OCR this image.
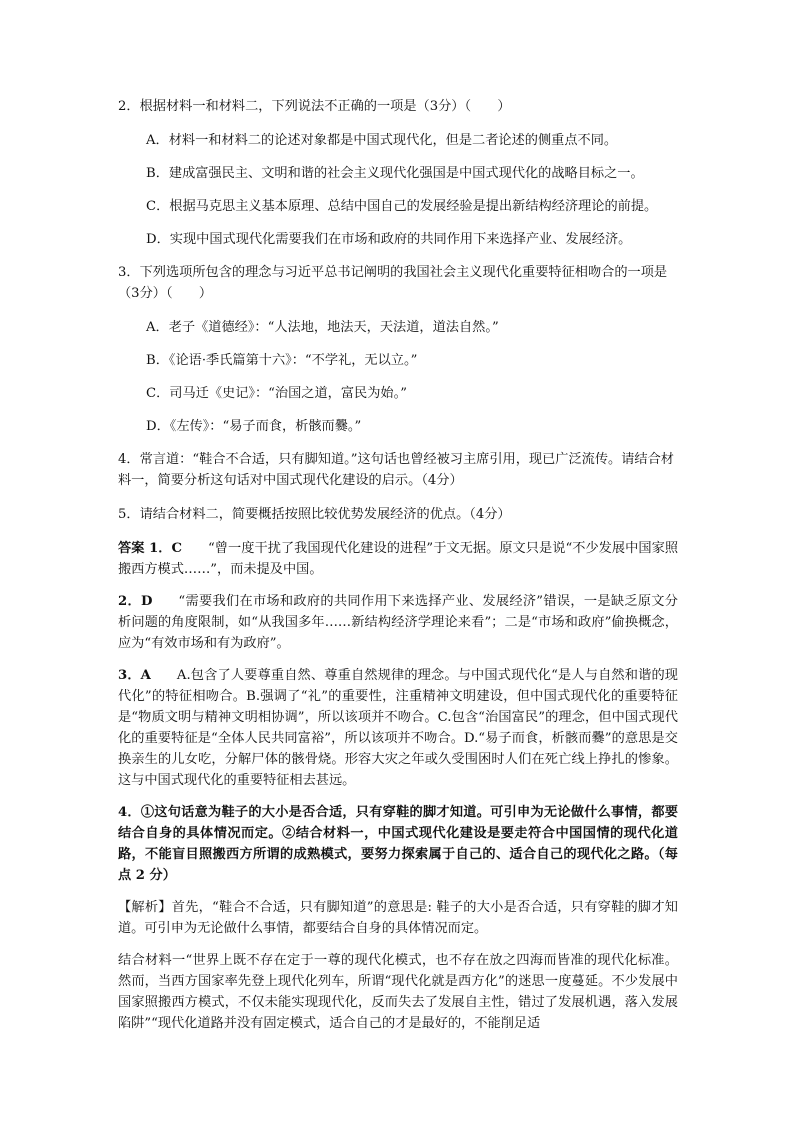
2．根据材料一和材料二，下列说法不正确的一项是（3分）（　　）

A．材料一和材料二的论述对象都是中国式现代化，但是二者论述的侧重点不同。

B．建成富强民主、文明和谐的社会主义现代化强国是中国式现代化的战略目标之一。

C．根据马克思主义基本原理、总结中国自己的发展经验是提出新结构经济理论的前提。

D．实现中国式现代化需要我们在市场和政府的共同作用下来选择产业、发展经济。

3．下列选项所包含的理念与习近平总书记阐明的我国社会主义现代化重要特征相吻合的一项是（3分）（　　）

A．老子《道德经》：“人法地，地法天，天法道，道法自然。”

B．《论语·季氏篇第十六》：“不学礼，无以立。”

C．司马迁《史记》：“治国之道，富民为始。”

D．《左传》：“易子而食，析骸而爨。”

4．常言道：“鞋合不合适，只有脚知道。”这句话也曾经被习主席引用，现已广泛流传。请结合材料一，简要分析这句话对中国式现代化建设的启示。（4分）

5．请结合材料二，简要概括按照比较优势发展经济的优点。（4分）

答案 1．C “曾一度干扰了我国现代化建设的进程”于文无据。原文只是说“不少发展中国家照搬西方模式……”，而未提及中国。

2．D “需要我们在市场和政府的共同作用下来选择产业、发展经济”错误，一是缺乏原文分析问题的角度限制，如“从我国多年……新结构经济学理论来看”；二是“市场和政府”偷换概念，应为“有效市场和有为政府”。

3．A A.包含了人要尊重自然、尊重自然规律的理念。与中国式现代化“是人与自然和谐的现代化”的特征相吻合。B.强调了“礼”的重要性，注重精神文明建设，但中国式现代化的重要特征是“物质文明与精神文明相协调”，所以该项并不吻合。C.包含“治国富民”的理念，但中国式现代化的重要特征是“全体人民共同富裕”，所以该项并不吻合。D.“易子而食，析骸而爨”的意思是交换亲生的儿女吃，分解尸体的骸骨烧。形容大灾之年或久受围困时人们在死亡线上挣扎的惨象。这与中国式现代化的重要特征相去甚远。

4．①这句话意为鞋子的大小是否合适，只有穿鞋的脚才知道。可引申为无论做什么事情，都要结合自身的具体情况而定。②结合材料一，中国式现代化建设是要走符合中国国情的现代化道路，不能盲目照搬西方所谓的成熟模式，要努力探索属于自己的、适合自己的现代化之路。（每点 2 分）

【解析】首先，“鞋合不合适，只有脚知道”的意思是: 鞋子的大小是否合适，只有穿鞋的脚才知道。可引申为无论做什么事情，都要结合自身的具体情况而定。

结合材料一“世界上既不存在定于一尊的现代化模式，也不存在放之四海而皆准的现代化标准。然而，当西方国家率先登上现代化列车，所谓“现代化就是西方化”的迷思一度蔓延。不少发展中国家照搬西方模式，不仅未能实现现代化，反而失去了发展自主性，错过了发展机遇，落入发展陷阱”“现代化道路并没有固定模式，适合自己的才是最好的，不能削足适
